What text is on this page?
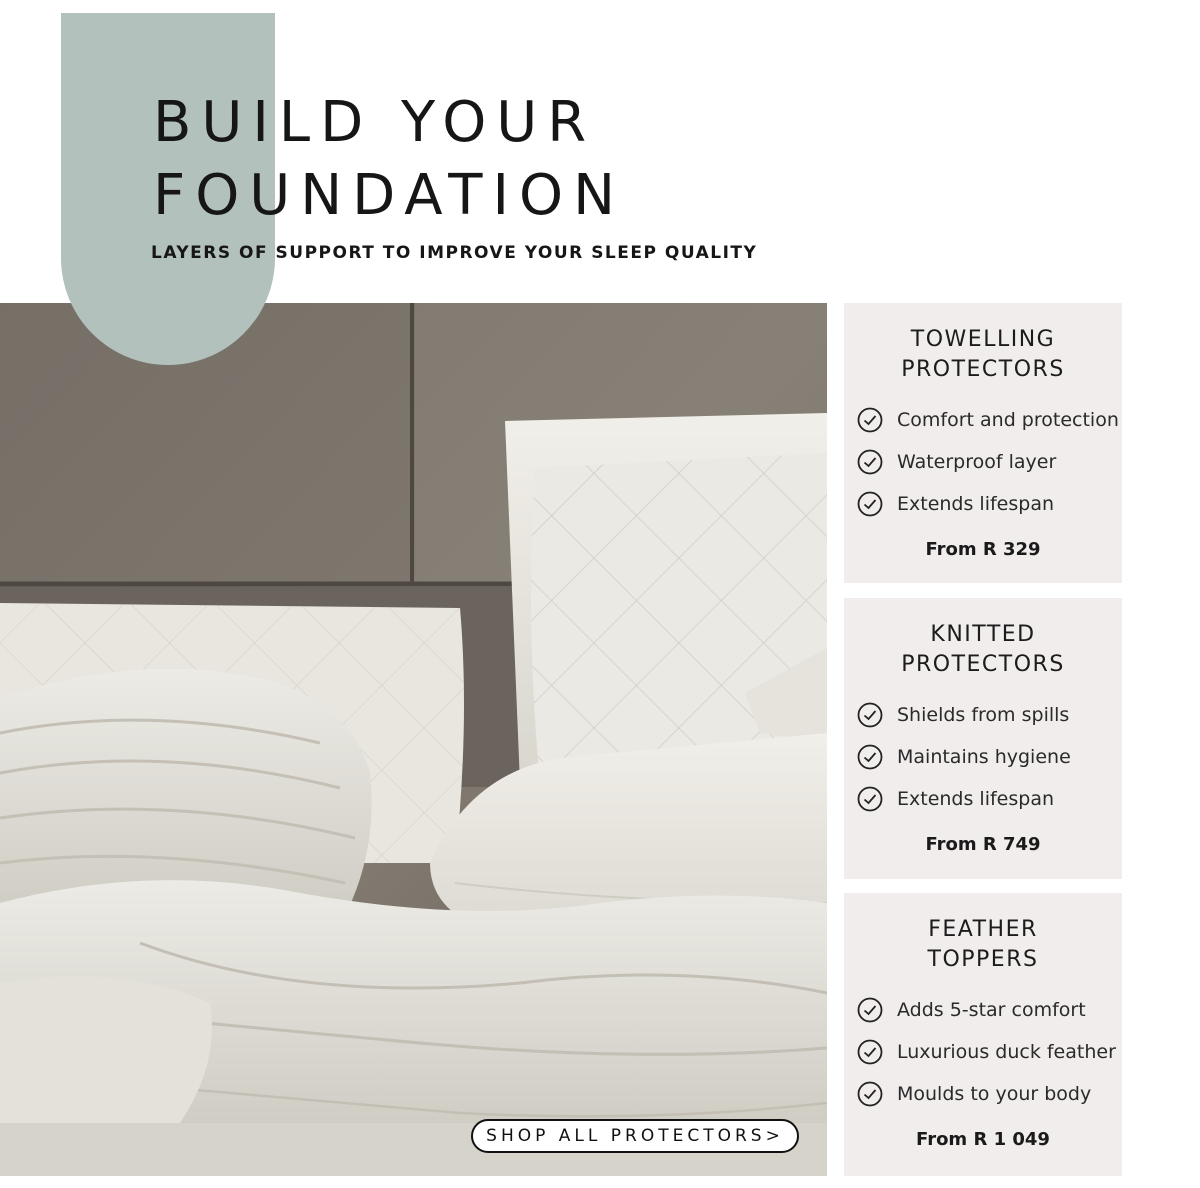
BUILD YOUR
FOUNDATION

LAYERS OF SUPPORT TO IMPROVE YOUR SLEEP QUALITY

SHOP ALL PROTECTORS>
TOWELLING
PROTECTORS
Comfort and protection
Waterproof layer
Extends lifespan
From R 329
KNITTED
PROTECTORS
Shields from spills
Maintains hygiene
Extends lifespan
From R 749
FEATHER
TOPPERS
Adds 5-star comfort
Luxurious duck feather
Moulds to your body
From R 1 049
